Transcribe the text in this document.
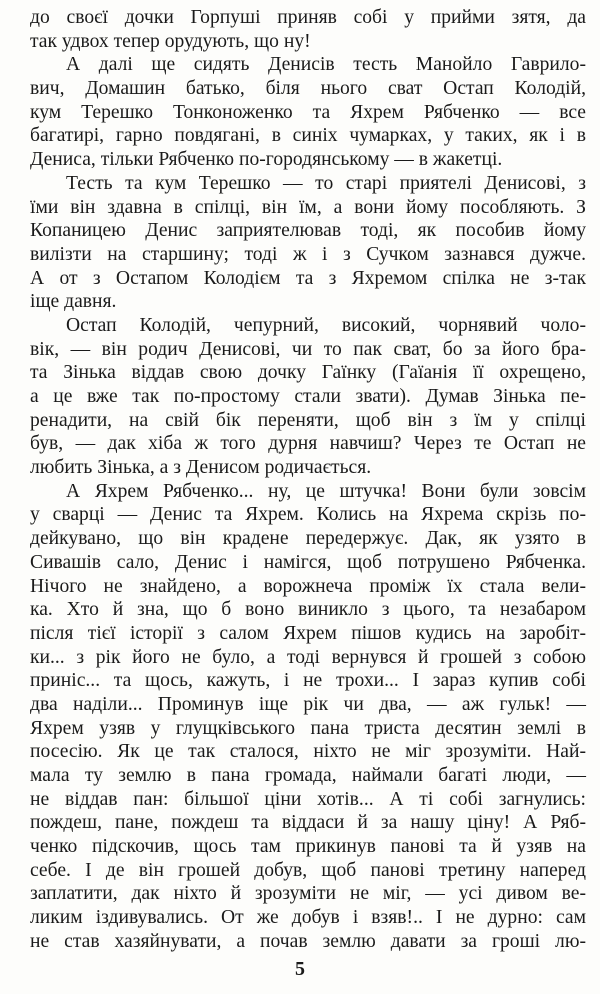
до своєї дочки Горпуші приняв собі у прийми зятя, да
так удвох тепер орудують, що ну!
А далі ще сидять Денисів тесть Манойло Гаврило-
вич, Домашин батько, біля нього сват Остап Колодій,
кум Терешко Тонконоженко та Яхрем Рябченко — все
багатирі, гарно повдягані, в синіх чумарках, у таких, як і в
Дениса, тільки Рябченко по-городянському — в жакетці.
Тесть та кум Терешко — то старі приятелі Денисові, з
їми він здавна в спілці, він їм, а вони йому пособляють. З
Копаницею Денис заприятелював тоді, як пособив йому
вилізти на старшину; тоді ж і з Сучком зазнався дужче.
А от з Остапом Колодієм та з Яхремом спілка не з-так
іще давня.
Остап Колодій, чепурний, високий, чорнявий чоло-
вік, — він родич Денисові, чи то пак сват, бо за його бра-
та Зінька віддав свою дочку Гаїнку (Гаїанія її охрещено,
а це вже так по-простому стали звати). Думав Зінька пе-
ренадити, на свій бік переняти, щоб він з їм у спілці
був, — дак хіба ж того дурня навчиш? Через те Остап не
любить Зінька, а з Денисом родичається.
А Яхрем Рябченко... ну, це штучка! Вони були зовсім
у сварці — Денис та Яхрем. Колись на Яхрема скрізь по-
дейкувано, що він крадене передержує. Дак, як узято в
Сивашів сало, Денис і намігся, щоб потрушено Рябченка.
Нічого не знайдено, а ворожнеча проміж їх стала вели-
ка. Хто й зна, що б воно виникло з цього, та незабаром
після тієї історії з салом Яхрем пішов кудись на заробіт-
ки... з рік його не було, а тоді вернувся й грошей з собою
приніс... та щось, кажуть, і не трохи... І зараз купив собі
два наділи... Проминув іще рік чи два, — аж гульк! —
Яхрем узяв у глущківського пана триста десятин землі в
посесію. Як це так сталося, ніхто не міг зрозуміти. Най-
мала ту землю в пана громада, наймали багаті люди, —
не віддав пан: більшої ціни хотів... А ті собі загнулись:
пождеш, пане, пождеш та віддаси й за нашу ціну! А Ряб-
ченко підскочив, щось там прикинув панові та й узяв на
себе. І де він грошей добув, щоб панові третину наперед
заплатити, дак ніхто й зрозуміти не міг, — усі дивом ве-
ликим іздивувались. От же добув і взяв!.. І не дурно: сам
не став хазяйнувати, а почав землю давати за гроші лю-
5
